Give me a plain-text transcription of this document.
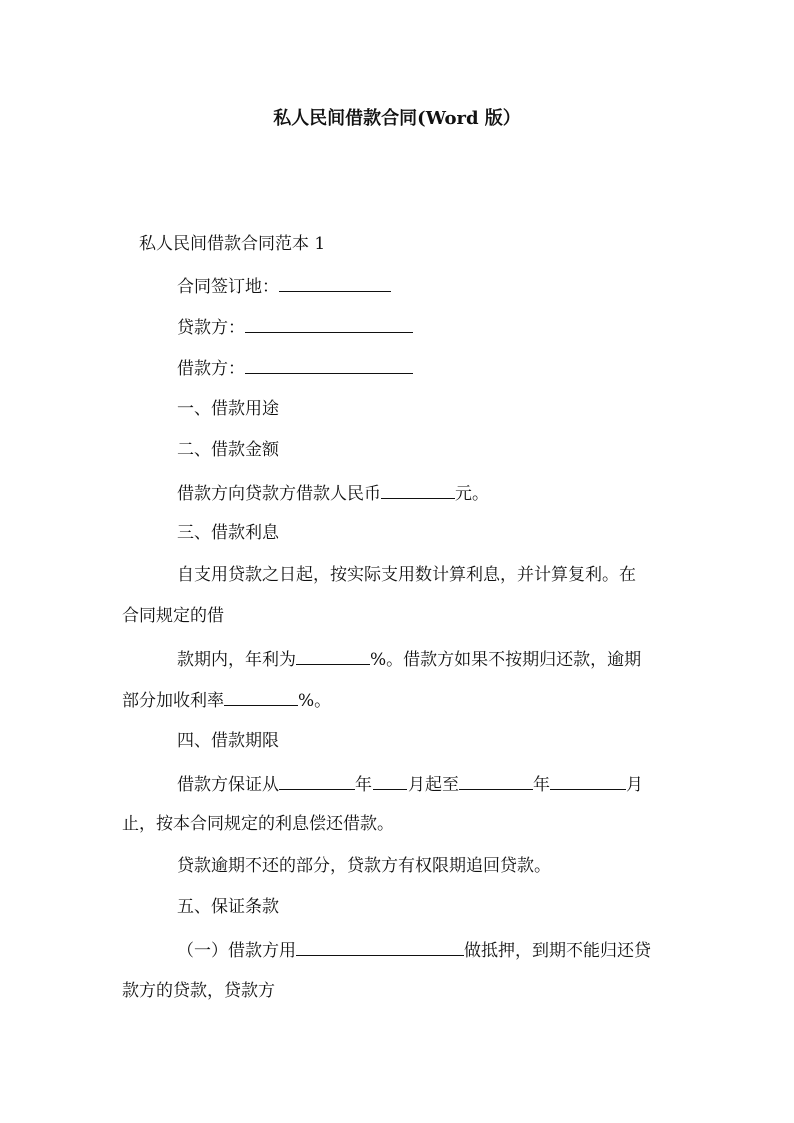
私人民间借款合同(Word 版）
私人民间借款合同范本 1
合同签订地：
贷款方：
借款方：
一、借款用途
二、借款金额
借款方向贷款方借款人民币	元。
三、借款利息
自支用贷款之日起，按实际支用数计算利息，并计算复利。在
合同规定的借
款期内，年利为	%。借款方如果不按期归还款，逾期
部分加收利率	%。
四、借款期限
借款方保证从	年 月起至	年	月
止，按本合同规定的利息偿还借款。
贷款逾期不还的部分，贷款方有权限期追回贷款。
五、保证条款
（一）借款方用	做抵押，到期不能归还贷
款方的贷款，贷款方
